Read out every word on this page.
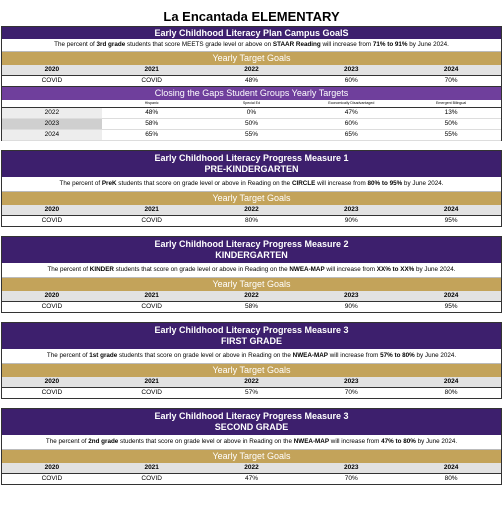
La Encantada ELEMENTARY
Early Childhood Literacy Plan Campus GoalS
The percent of 3rd grade students that score MEETS grade level or above on STAAR Reading will increase from 71% to 91% by June 2024.
Yearly Target Goals
2020	2021	2022	2023	2024
COVID	COVID	48%	60%	70%
Closing the Gaps Student Groups Yearly Targets
	Hispanic	Special Ed	Economically Disadvantaged	Emergent Bilingual
2022	48%	0%	47%	13%
2023	58%	50%	60%	50%
2024	65%	55%	65%	55%
Early Childhood Literacy Progress Measure 1
PRE-KINDERGARTEN
The percent of PreK students that score on grade level or above in Reading on the CIRCLE will increase from 80% to 95% by June 2024.
Yearly Target Goals
2020	2021	2022	2023	2024
COVID	COVID	80%	90%	95%
Early Childhood Literacy Progress Measure 2
KINDERGARTEN
The percent of KINDER students that score on grade level or above in Reading on the NWEA-MAP will increase from XX% to XX% by June 2024.
Yearly Target Goals
2020	2021	2022	2023	2024
COVID	COVID	58%	90%	95%
Early Childhood Literacy Progress Measure 3
FIRST GRADE
The percent of 1st grade students that score on grade level or above in Reading on the NWEA-MAP will increase from 57% to 80% by June 2024.
Yearly Target Goals
2020	2021	2022	2023	2024
COVID	COVID	57%	70%	80%
Early Childhood Literacy Progress Measure 3
SECOND GRADE
The percent of 2nd grade students that score on grade level or above in Reading on the NWEA-MAP will increase from 47% to 80% by June 2024.
Yearly Target Goals
2020	2021	2022	2023	2024
COVID	COVID	47%	70%	80%
